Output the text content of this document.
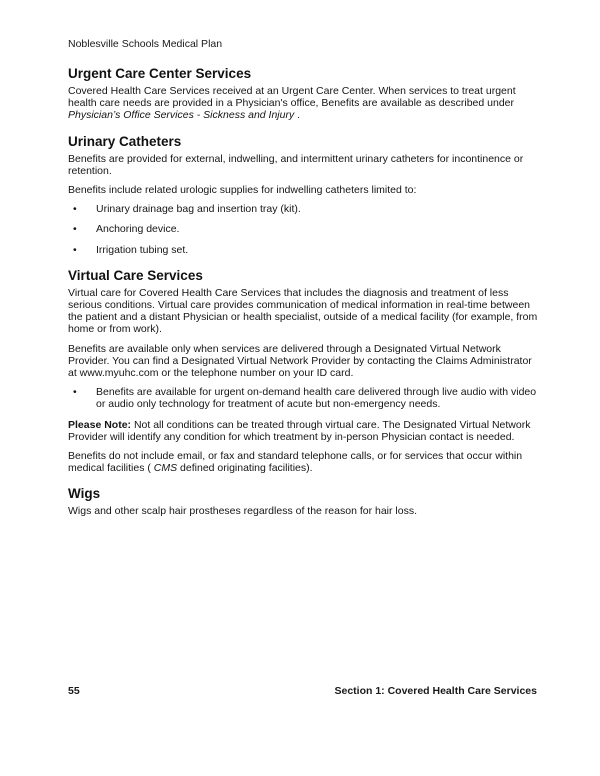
Noblesville Schools Medical Plan
Urgent Care Center Services

Covered Health Care Services received at an Urgent Care Center. When services to treat urgent health care needs are provided in a Physician's office, Benefits are available as described under Physician’s Office Services - Sickness and Injury .

Urinary Catheters

Benefits are provided for external, indwelling, and intermittent urinary catheters for incontinence or retention.

Benefits include related urologic supplies for indwelling catheters limited to:

•	Urinary drainage bag and insertion tray (kit).
•	Anchoring device.
•	Irrigation tubing set.
Virtual Care Services

Virtual care for Covered Health Care Services that includes the diagnosis and treatment of less serious conditions. Virtual care provides communication of medical information in real-time between the patient and a distant Physician or health specialist, outside of a medical facility (for example, from home or from work).

Benefits are available only when services are delivered through a Designated Virtual Network Provider. You can find a Designated Virtual Network Provider by contacting the Claims Administrator at www.myuhc.com or the telephone number on your ID card.

•	Benefits are available for urgent on-demand health care delivered through live audio with video or audio only technology for treatment of acute but non-emergency needs.

Please Note: Not all conditions can be treated through virtual care. The Designated Virtual Network Provider will identify any condition for which treatment by in-person Physician contact is needed.

Benefits do not include email, or fax and standard telephone calls, or for services that occur within medical facilities ( CMS defined originating facilities).

Wigs

Wigs and other scalp hair prostheses regardless of the reason for hair loss.

55	Section 1: Covered Health Care Services
